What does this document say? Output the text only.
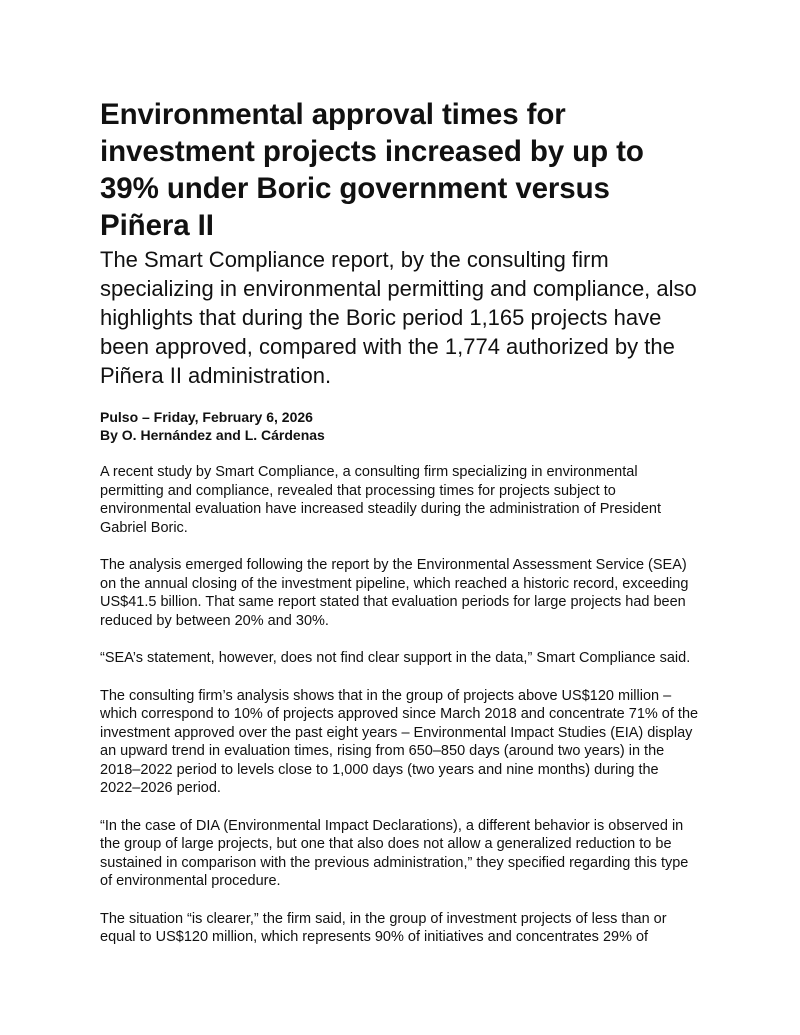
Environmental approval times for investment projects increased by up to 39% under Boric government versus Piñera II

The Smart Compliance report, by the consulting firm specializing in environmental permitting and compliance, also highlights that during the Boric period 1,165 projects have been approved, compared with the 1,774 authorized by the Piñera II administration.

Pulso – Friday, February 6, 2026
By O. Hernández and L. Cárdenas

A recent study by Smart Compliance, a consulting firm specializing in environmental permitting and compliance, revealed that processing times for projects subject to environmental evaluation have increased steadily during the administration of President Gabriel Boric.

The analysis emerged following the report by the Environmental Assessment Service (SEA) on the annual closing of the investment pipeline, which reached a historic record, exceeding US$41.5 billion. That same report stated that evaluation periods for large projects had been reduced by between 20% and 30%.

“SEA’s statement, however, does not find clear support in the data,” Smart Compliance said.

The consulting firm’s analysis shows that in the group of projects above US$120 million – which correspond to 10% of projects approved since March 2018 and concentrate 71% of the investment approved over the past eight years – Environmental Impact Studies (EIA) display an upward trend in evaluation times, rising from 650–850 days (around two years) in the 2018–2022 period to levels close to 1,000 days (two years and nine months) during the 2022–2026 period.

“In the case of DIA (Environmental Impact Declarations), a different behavior is observed in the group of large projects, but one that also does not allow a generalized reduction to be sustained in comparison with the previous administration,” they specified regarding this type of environmental procedure.

The situation “is clearer,” the firm said, in the group of investment projects of less than or equal to US$120 million, which represents 90% of initiatives and concentrates 29% of
